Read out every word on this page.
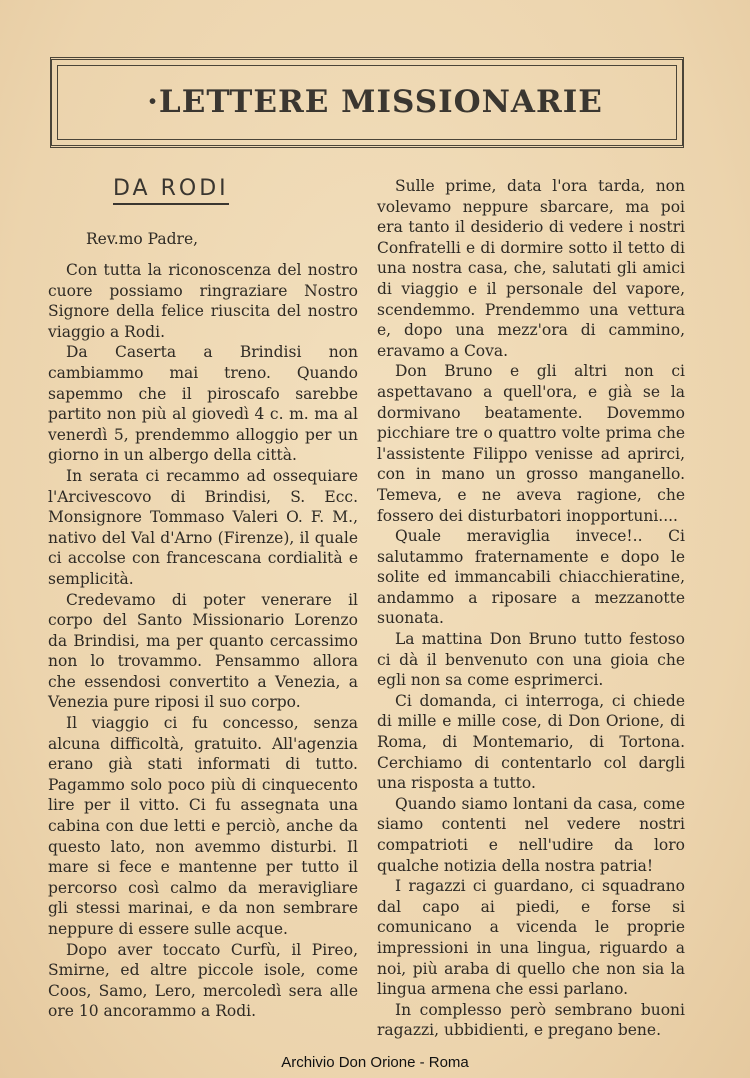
·LETTERE MISSIONARIE
DA RODI
Rev.mo Padre,

Con tutta la riconoscenza del nostro cuore possiamo ringraziare Nostro Signore della felice riuscita del nostro viaggio a Rodi.

Da Caserta a Brindisi non cambiammo mai treno. Quando sapemmo che il piroscafo sarebbe partito non più al giovedì 4 c. m. ma al venerdì 5, prendemmo alloggio per un giorno in un albergo della città.

In serata ci recammo ad ossequiare l'Arcivescovo di Brindisi, S. Ecc. Monsignore Tommaso Valeri O. F. M., nativo del Val d'Arno (Firenze), il quale ci accolse con francescana cordialità e semplicità.

Credevamo di poter venerare il corpo del Santo Missionario Lorenzo da Brindisi, ma per quanto cercassimo non lo trovammo. Pensammo allora che essendosi convertito a Venezia, a Venezia pure riposi il suo corpo.

Il viaggio ci fu concesso, senza alcuna difficoltà, gratuito. All'agenzia erano già stati informati di tutto. Pagammo solo poco più di cinquecento lire per il vitto. Ci fu assegnata una cabina con due letti e perciò, anche da questo lato, non avemmo disturbi. Il mare si fece e mantenne per tutto il percorso così calmo da meravigliare gli stessi marinai, e da non sembrare neppure di essere sulle acque.

Dopo aver toccato Curfù, il Pireo, Smirne, ed altre piccole isole, come Coos, Samo, Lero, mercoledì sera alle ore 10 ancorammo a Rodi.

Sulle prime, data l'ora tarda, non volevamo neppure sbarcare, ma poi era tanto il desiderio di vedere i nostri Confratelli e di dormire sotto il tetto di una nostra casa, che, salutati gli amici di viaggio e il personale del vapore, scendemmo. Prendemmo una vettura e, dopo una mezz'ora di cammino, eravamo a Cova.

Don Bruno e gli altri non ci aspettavano a quell'ora, e già se la dormivano beatamente. Dovemmo picchiare tre o quattro volte prima che l'assistente Filippo venisse ad aprirci, con in mano un grosso manganello. Temeva, e ne aveva ragione, che fossero dei disturbatori inopportuni....

Quale meraviglia invece!.. Ci salutammo fraternamente e dopo le solite ed immancabili chiacchieratine, andammo a riposare a mezzanotte suonata.

La mattina Don Bruno tutto festoso ci dà il benvenuto con una gioia che egli non sa come esprimerci.

Ci domanda, ci interroga, ci chiede di mille e mille cose, di Don Orione, di Roma, di Montemario, di Tortona. Cerchiamo di contentarlo col dargli una risposta a tutto.

Quando siamo lontani da casa, come siamo contenti nel vedere nostri compatrioti e nell'udire da loro qualche notizia della nostra patria!

I ragazzi ci guardano, ci squadrano dal capo ai piedi, e forse si comunicano a vicenda le proprie impressioni in una lingua, riguardo a noi, più araba di quello che non sia la lingua armena che essi parlano.

In complesso però sembrano buoni ragazzi, ubbidienti, e pregano bene.

Archivio Don Orione - Roma
